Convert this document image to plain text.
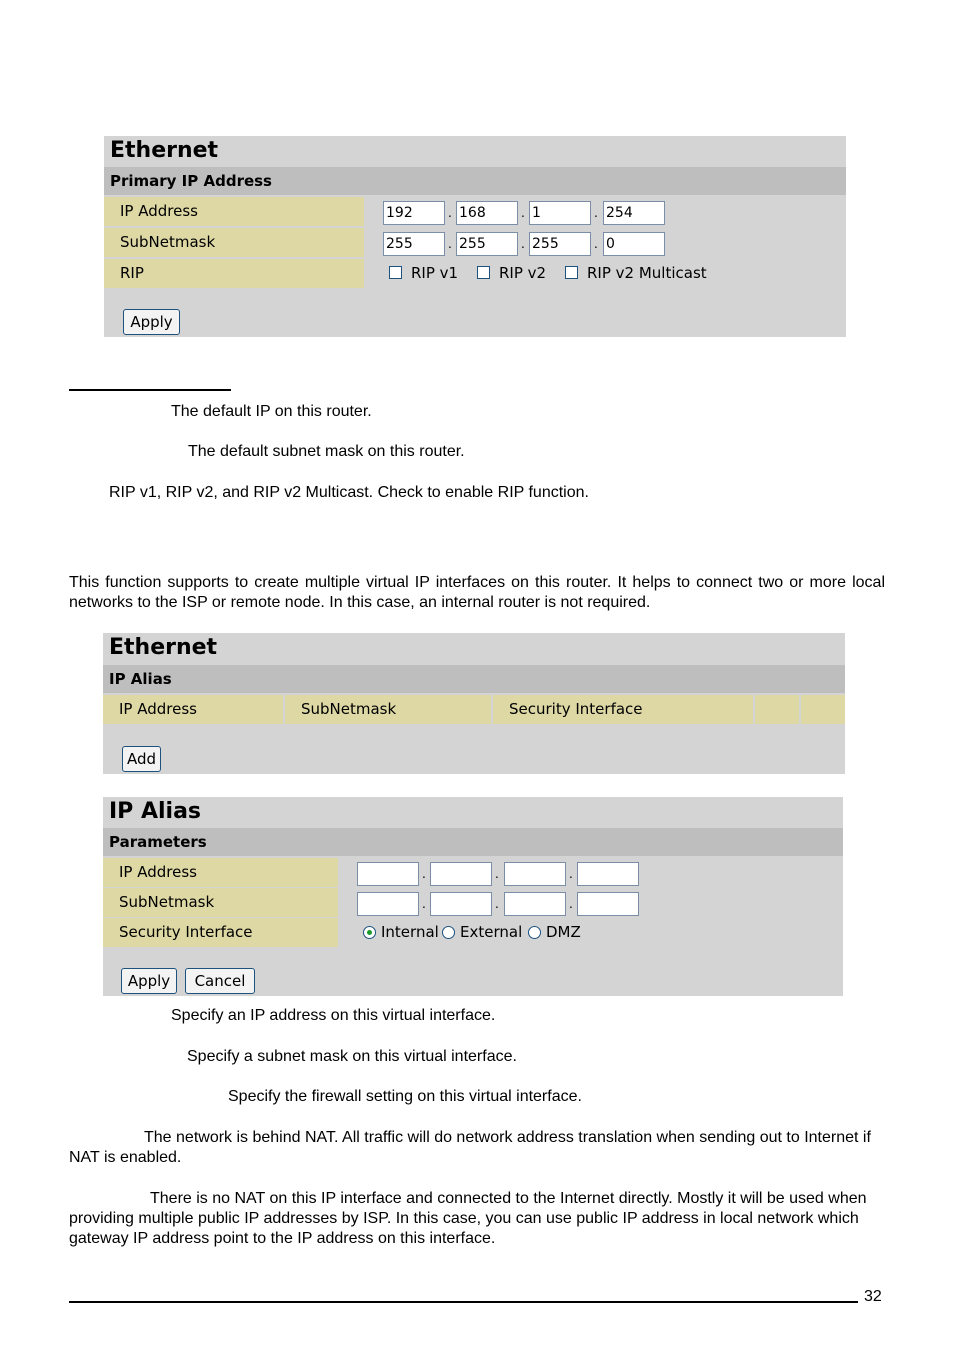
Ethernet
Primary IP Address
IP Address	192	. 168	. 1	. 254
SubNetmask	255	. 255	. 255	. 0
RIP	RIP v1	RIP v2	RIP v2 Multicast
Apply
The default IP on this router.
The default subnet mask on this router.
RIP v1, RIP v2, and RIP v2 Multicast. Check to enable RIP function.
This function supports to create multiple virtual IP interfaces on this router. It helps to connect two or more local networks to the ISP or remote node. In this case, an internal router is not required.
Ethernet
IP Alias
IP Address	SubNetmask	Security Interface
Add
IP Alias
Parameters
IP Address	.	.	.
SubNetmask	.	.	.
Security Interface	Internal External DMZ
Apply	Cancel
Specify an IP address on this virtual interface.
Specify a subnet mask on this virtual interface.
Specify the firewall setting on this virtual interface.
The network is behind NAT. All traffic will do network address translation when sending out to Internet if NAT is enabled.
There is no NAT on this IP interface and connected to the Internet directly. Mostly it will be used when providing multiple public IP addresses by ISP. In this case, you can use public IP address in local network which gateway IP address point to the IP address on this interface.
32
